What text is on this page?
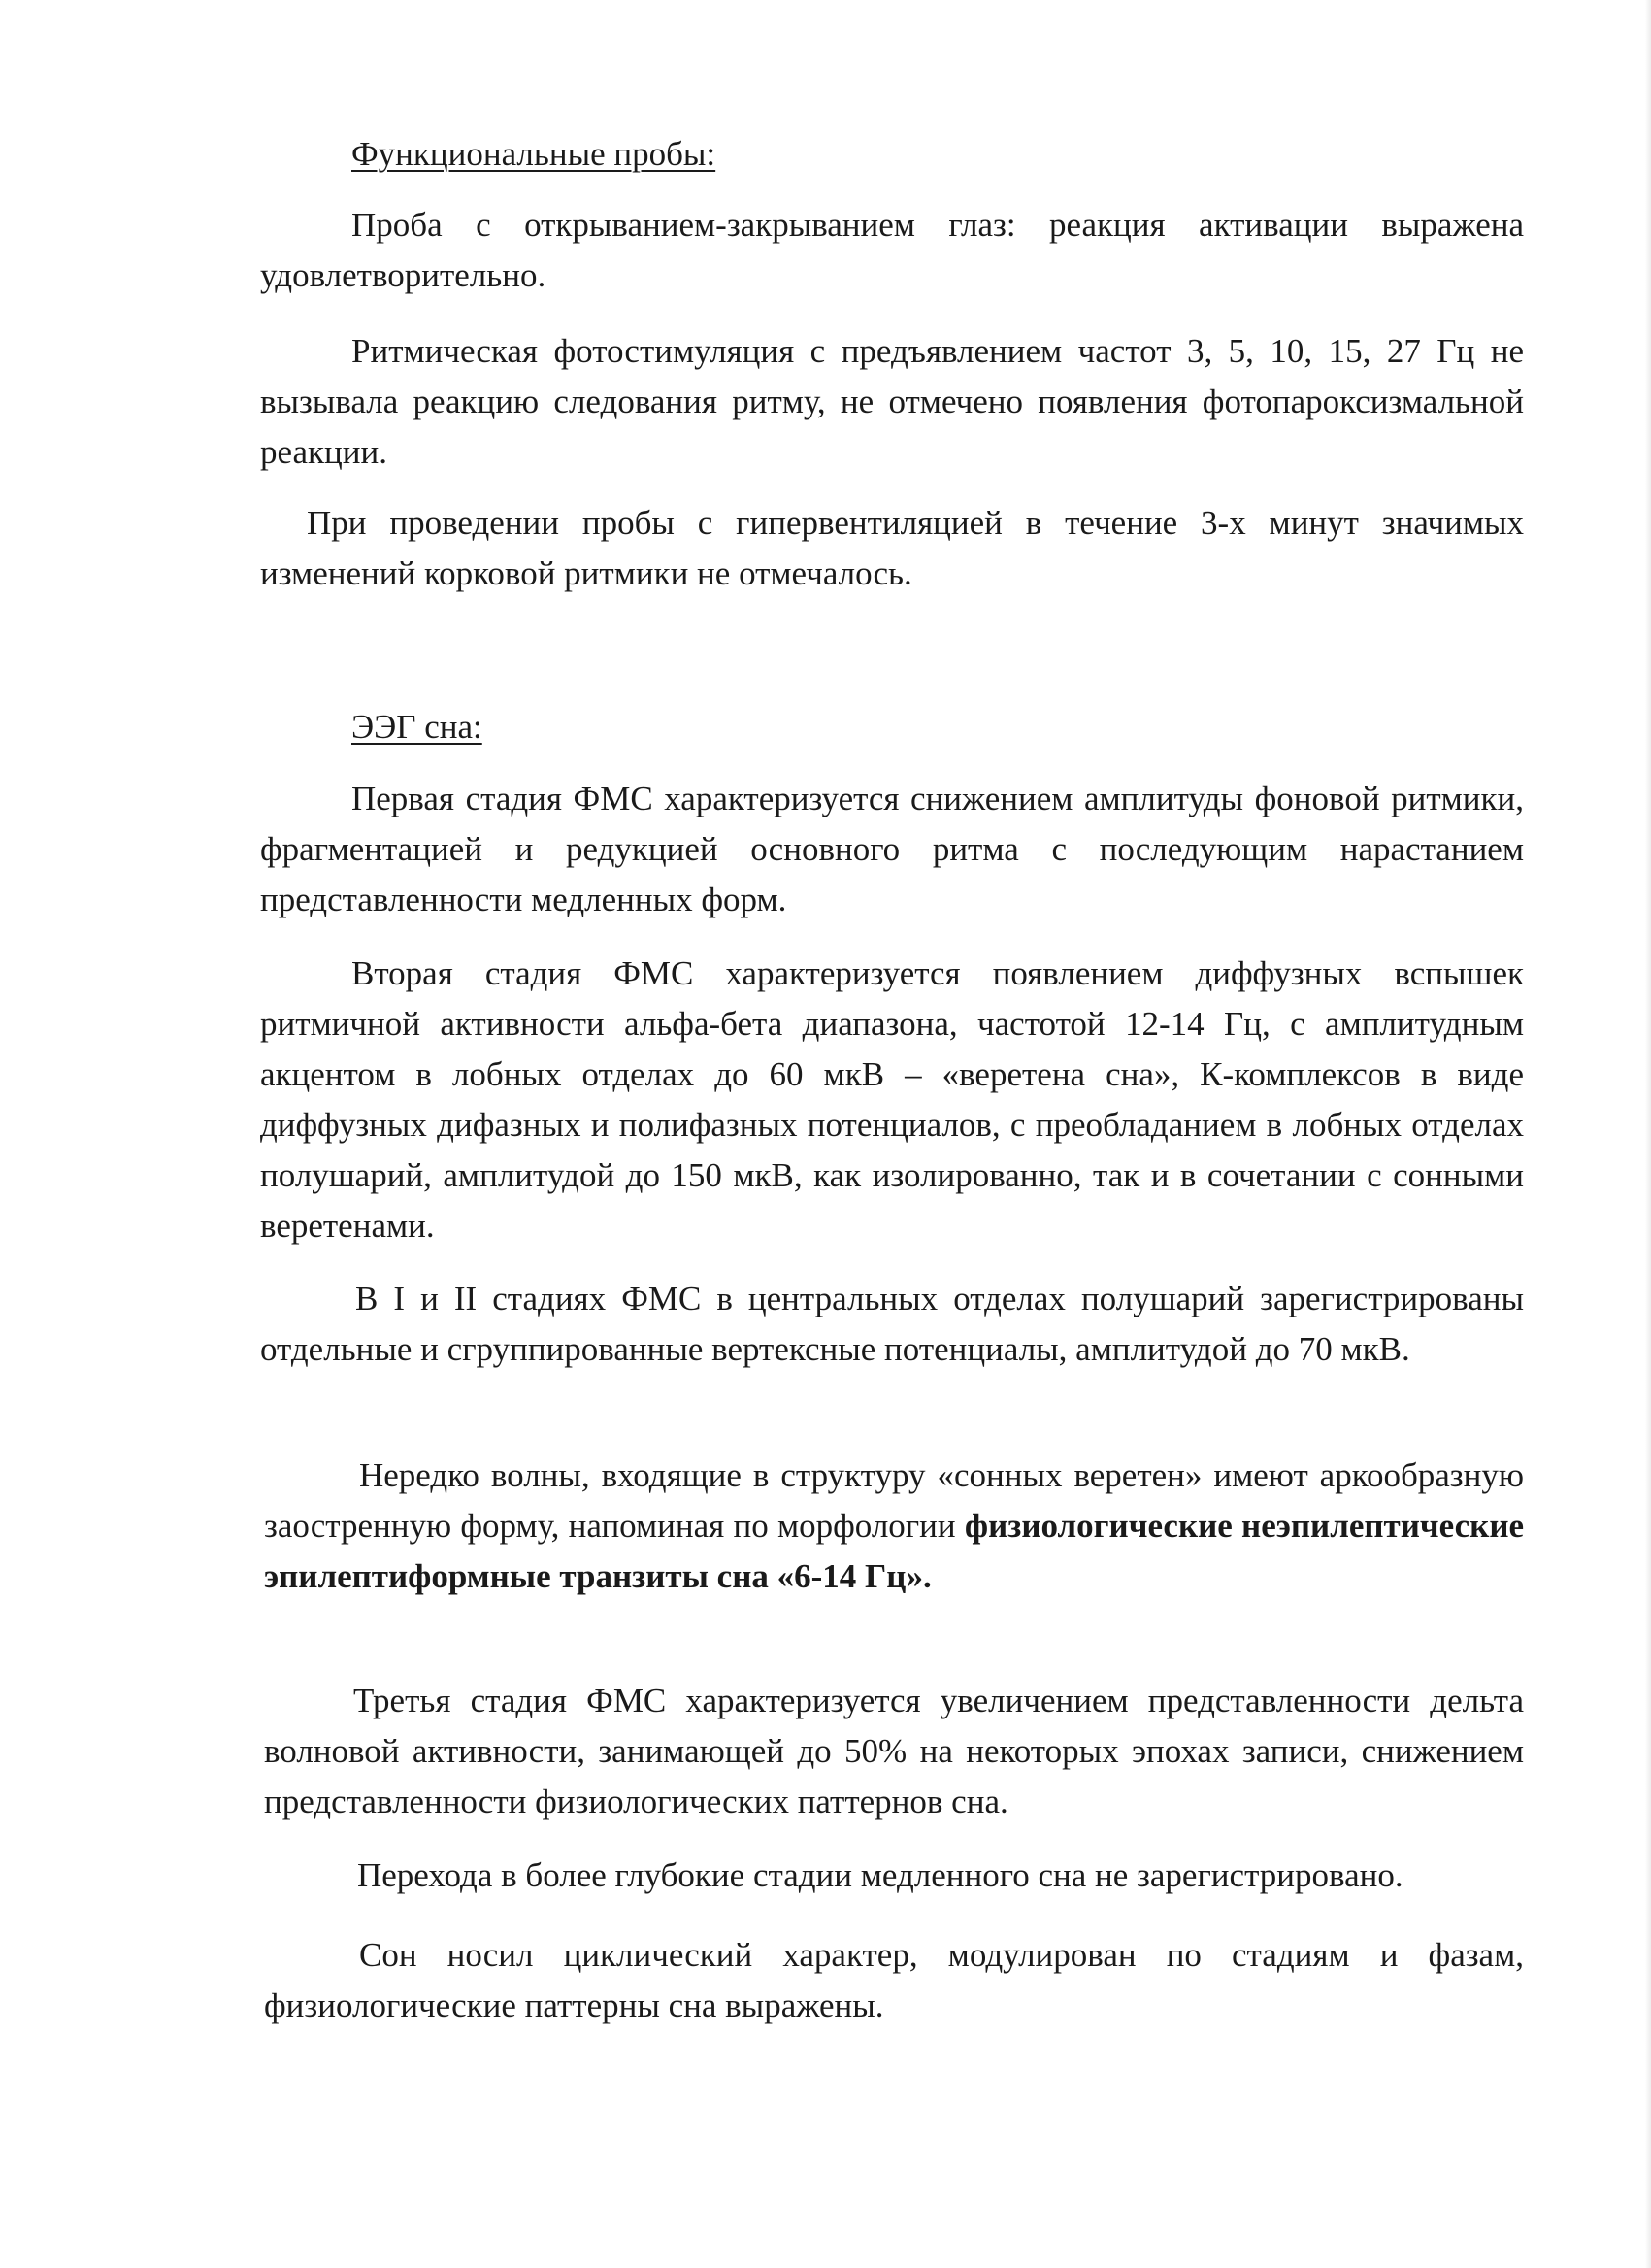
Функциональные пробы:

Проба с открыванием-закрыванием глаз: реакция активации выражена удовлетворительно.

Ритмическая фотостимуляция с предъявлением частот 3, 5, 10, 15, 27 Гц не вызывала реакцию следования ритму, не отмечено появления фотопароксизмальной реакции.

При проведении пробы с гипервентиляцией в течение 3-х минут значимых изменений корковой ритмики не отмечалось.

ЭЭГ сна:

Первая стадия ФМС характеризуется снижением амплитуды фоновой ритмики, фрагментацией и редукцией основного ритма с последующим нарастанием представленности медленных форм.

Вторая стадия ФМС характеризуется появлением диффузных вспышек ритмичной активности альфа-бета диапазона, частотой 12-14 Гц, с амплитудным акцентом в лобных отделах до 60 мкВ – «веретена сна», К-комплексов в виде диффузных дифазных и полифазных потенциалов, с преобладанием в лобных отделах полушарий, амплитудой до 150 мкВ, как изолированно, так и в сочетании с сонными веретенами.

В I и II стадиях ФМС в центральных отделах полушарий зарегистрированы отдельные и сгруппированные вертексные потенциалы, амплитудой до 70 мкВ.

Нередко волны, входящие в структуру «сонных веретен» имеют аркообразную заостренную форму, напоминая по морфологии физиологические неэпилептические эпилептиформные транзиты сна «6-14 Гц».

Третья стадия ФМС характеризуется увеличением представленности дельта волновой активности, занимающей до 50% на некоторых эпохах записи, снижением представленности физиологических паттернов сна.

Перехода в более глубокие стадии медленного сна не зарегистрировано.

Сон носил циклический характер, модулирован по стадиям и фазам, физиологические паттерны сна выражены.
